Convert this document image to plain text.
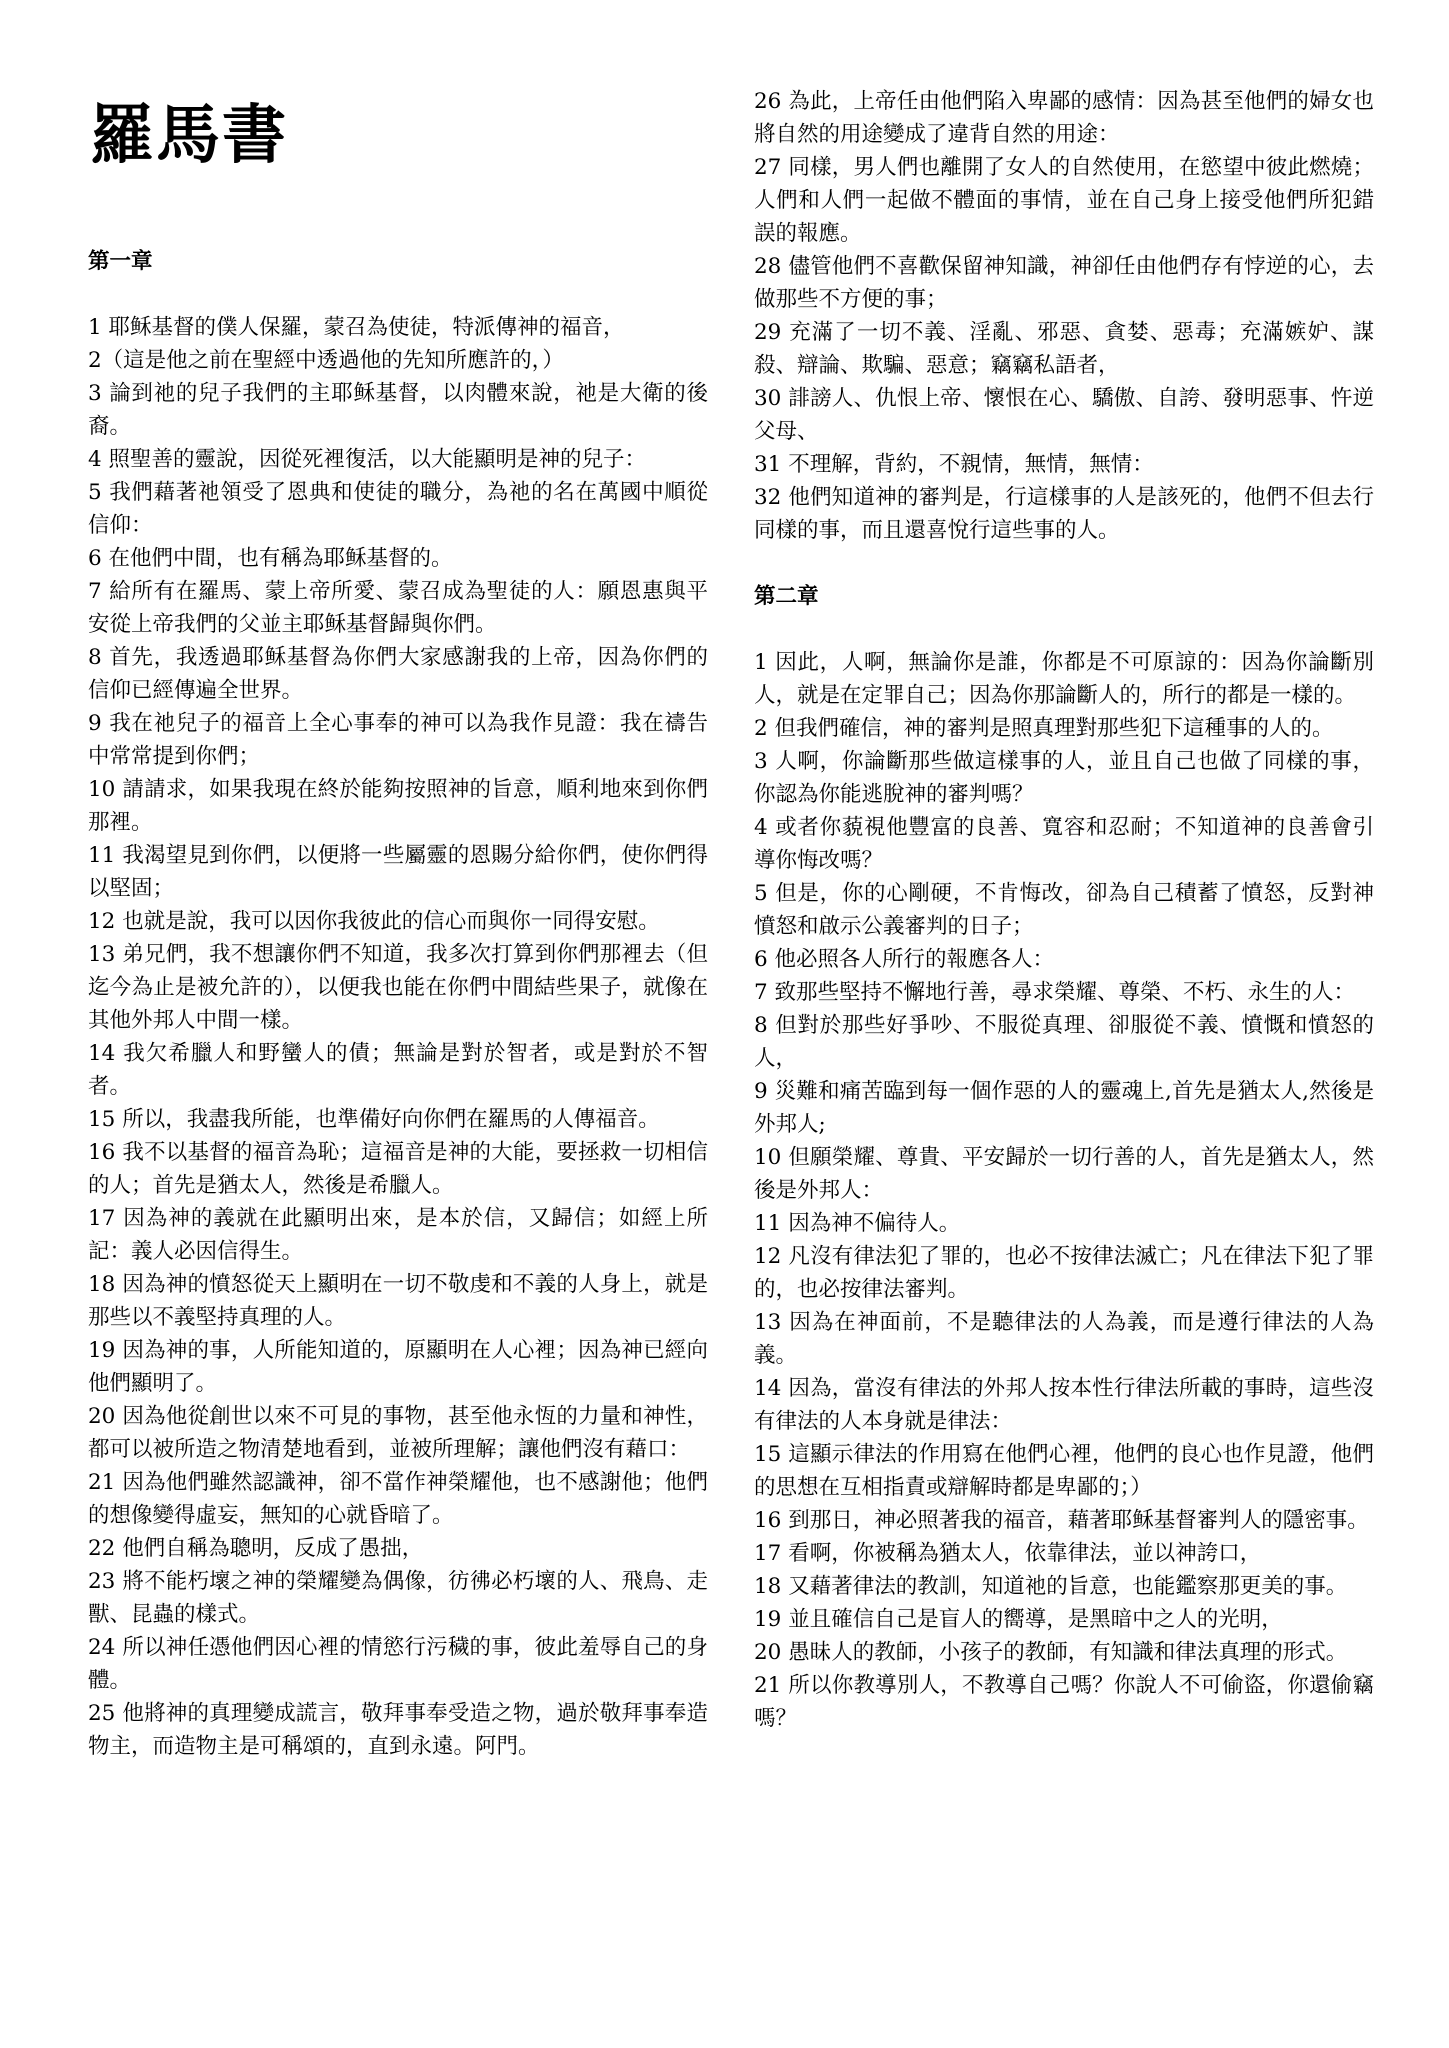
羅馬書
第一章

1 耶稣基督的僕人保羅，蒙召為使徒，特派傳神的福音，

2（這是他之前在聖經中透過他的先知所應許的，）

3 論到祂的兒子我們的主耶稣基督，以肉體來說，祂是大衛的後裔。

4 照聖善的靈說，因從死裡復活，以大能顯明是神的兒子：

5 我們藉著祂領受了恩典和使徒的職分，為祂的名在萬國中順從信仰：

6 在他們中間，也有稱為耶稣基督的。

7 給所有在羅馬、蒙上帝所愛、蒙召成為聖徒的人：願恩惠與平安從上帝我們的父並主耶稣基督歸與你們。

8 首先，我透過耶稣基督為你們大家感謝我的上帝，因為你們的信仰已經傳遍全世界。

9 我在祂兒子的福音上全心事奉的神可以為我作見證：我在禱告中常常提到你們；

10 請請求，如果我現在終於能夠按照神的旨意，順利地來到你們那裡。

11 我渴望見到你們，以便將一些屬靈的恩賜分給你們，使你們得以堅固；

12 也就是說，我可以因你我彼此的信心而與你一同得安慰。

13 弟兄們，我不想讓你們不知道，我多次打算到你們那裡去（但迄今為止是被允許的），以便我也能在你們中間結些果子，就像在其他外邦人中間一樣。

14 我欠希臘人和野蠻人的債；無論是對於智者，或是對於不智者。

15 所以，我盡我所能，也準備好向你們在羅馬的人傳福音。

16 我不以基督的福音為恥；這福音是神的大能，要拯救一切相信的人；首先是猶太人，然後是希臘人。

17 因為神的義就在此顯明出來，是本於信，又歸信；如經上所記：義人必因信得生。

18 因為神的憤怒從天上顯明在一切不敬虔和不義的人身上，就是那些以不義堅持真理的人。

19 因為神的事，人所能知道的，原顯明在人心裡；因為神已經向他們顯明了。

20 因為他從創世以來不可見的事物，甚至他永恆的力量和神性，都可以被所造之物清楚地看到，並被所理解；讓他們沒有藉口：

21 因為他們雖然認識神，卻不當作神榮耀他，也不感謝他；他們的想像變得虛妄，無知的心就昏暗了。

22 他們自稱為聰明，反成了愚拙，

23 將不能朽壞之神的榮耀變為偶像，彷彿必朽壞的人、飛鳥、走獸、昆蟲的樣式。

24 所以神任憑他們因心裡的情慾行污穢的事，彼此羞辱自己的身體。

25 他將神的真理變成謊言，敬拜事奉受造之物，過於敬拜事奉造物主，而造物主是可稱頌的，直到永遠。阿門。

26 為此，上帝任由他們陷入卑鄙的感情：因為甚至他們的婦女也將自然的用途變成了違背自然的用途：

27 同樣，男人們也離開了女人的自然使用，在慾望中彼此燃燒；人們和人們一起做不體面的事情，並在自己身上接受他們所犯錯誤的報應。

28 儘管他們不喜歡保留神知識，神卻任由他們存有悖逆的心，去做那些不方便的事；

29 充滿了一切不義、淫亂、邪惡、貪婪、惡毒；充滿嫉妒、謀殺、辯論、欺騙、惡意；竊竊私語者，

30 誹謗人、仇恨上帝、懷恨在心、驕傲、自誇、發明惡事、忤逆父母、

31 不理解，背約，不親情，無情，無情：

32 他們知道神的審判是，行這樣事的人是該死的，他們不但去行同樣的事，而且還喜悅行這些事的人。

第二章

1 因此，人啊，無論你是誰，你都是不可原諒的：因為你論斷別人，就是在定罪自己；因為你那論斷人的，所行的都是一樣的。

2 但我們確信，神的審判是照真理對那些犯下這種事的人的。

3 人啊，你論斷那些做這樣事的人，並且自己也做了同樣的事，你認為你能逃脫神的審判嗎？

4 或者你藐視他豐富的良善、寬容和忍耐；不知道神的良善會引導你悔改嗎？

5 但是，你的心剛硬，不肯悔改，卻為自己積蓄了憤怒，反對神憤怒和啟示公義審判的日子；

6 他必照各人所行的報應各人：

7 致那些堅持不懈地行善，尋求榮耀、尊榮、不朽、永生的人：

8 但對於那些好爭吵、不服從真理、卻服從不義、憤慨和憤怒的人，

9 災難和痛苦臨到每一個作惡的人的靈魂上,首先是猶太人,然後是外邦人;

10 但願榮耀、尊貴、平安歸於一切行善的人，首先是猶太人，然後是外邦人：

11 因為神不偏待人。

12 凡沒有律法犯了罪的，也必不按律法滅亡；凡在律法下犯了罪的，也必按律法審判。

13 因為在神面前，不是聽律法的人為義，而是遵行律法的人為義。

14 因為，當沒有律法的外邦人按本性行律法所載的事時，這些沒有律法的人本身就是律法：

15 這顯示律法的作用寫在他們心裡，他們的良心也作見證，他們的思想在互相指責或辯解時都是卑鄙的；）

16 到那日，神必照著我的福音，藉著耶稣基督審判人的隱密事。

17 看啊，你被稱為猶太人，依靠律法，並以神誇口，

18 又藉著律法的教訓，知道祂的旨意，也能鑑察那更美的事。

19 並且確信自己是盲人的嚮導，是黑暗中之人的光明，

20 愚昧人的教師，小孩子的教師，有知識和律法真理的形式。

21 所以你教導別人，不教導自己嗎？你說人不可偷盜，你還偷竊嗎？
